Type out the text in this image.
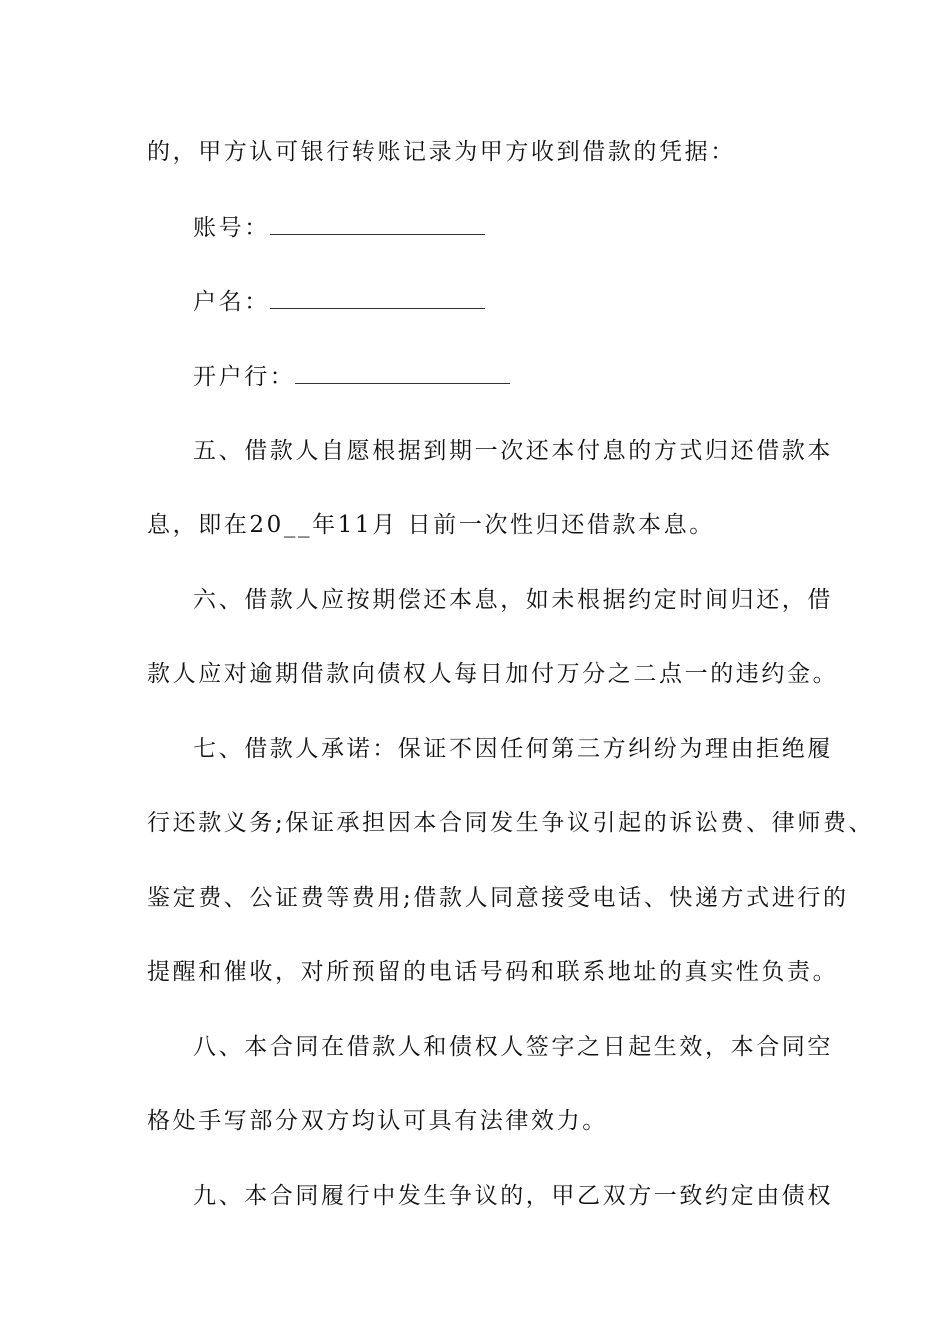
的，甲方认可银行转账记录为甲方收到借款的凭据：
账号：
户名：
开户行：
五、借款人自愿根据到期一次还本付息的方式归还借款本
息，即在20__年11月 日前一次性归还借款本息。
六、借款人应按期偿还本息，如未根据约定时间归还，借
款人应对逾期借款向债权人每日加付万分之二点一的违约金。
七、借款人承诺：保证不因任何第三方纠纷为理由拒绝履
行还款义务;保证承担因本合同发生争议引起的诉讼费、律师费、
鉴定费、公证费等费用;借款人同意接受电话、快递方式进行的
提醒和催收，对所预留的电话号码和联系地址的真实性负责。
八、本合同在借款人和债权人签字之日起生效，本合同空
格处手写部分双方均认可具有法律效力。
九、本合同履行中发生争议的，甲乙双方一致约定由债权
